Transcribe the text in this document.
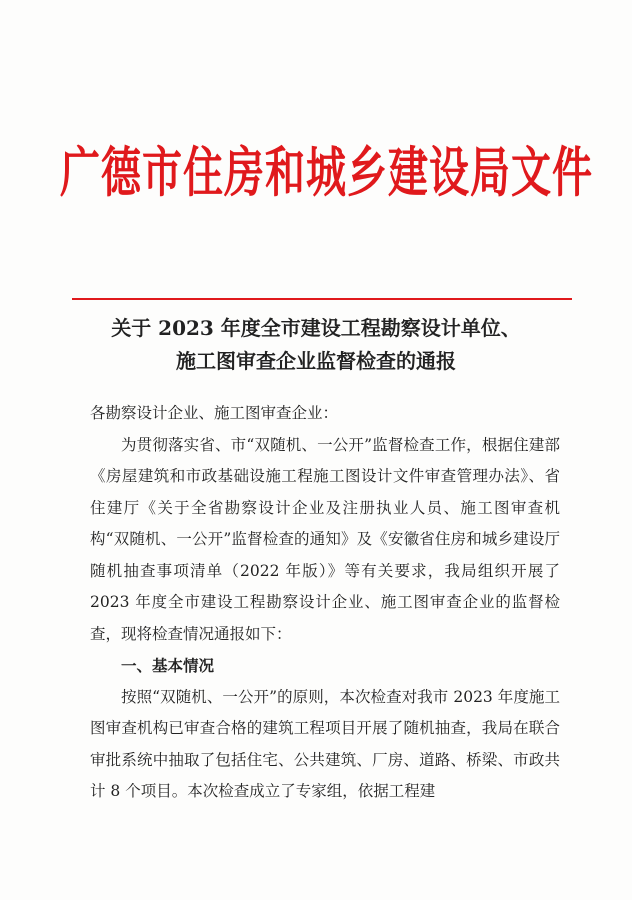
广德市住房和城乡建设局文件
关于 2023 年度全市建设工程勘察设计单位、
施工图审查企业监督检查的通报

各勘察设计企业、施工图审查企业：

为贯彻落实省、市“双随机、一公开”监督检查工作，根据住建部《房屋建筑和市政基础设施工程施工图设计文件审查管理办法》、省住建厅《关于全省勘察设计企业及注册执业人员、施工图审查机构“双随机、一公开”监督检查的通知》及《安徽省住房和城乡建设厅随机抽查事项清单（2022 年版）》等有关要求，我局组织开展了 2023 年度全市建设工程勘察设计企业、施工图审查企业的监督检查，现将检查情况通报如下：

一、基本情况

按照“双随机、一公开”的原则，本次检查对我市 2023 年度施工图审查机构已审查合格的建筑工程项目开展了随机抽查，我局在联合审批系统中抽取了包括住宅、公共建筑、厂房、道路、桥梁、市政共计 8 个项目。本次检查成立了专家组，依据工程建
